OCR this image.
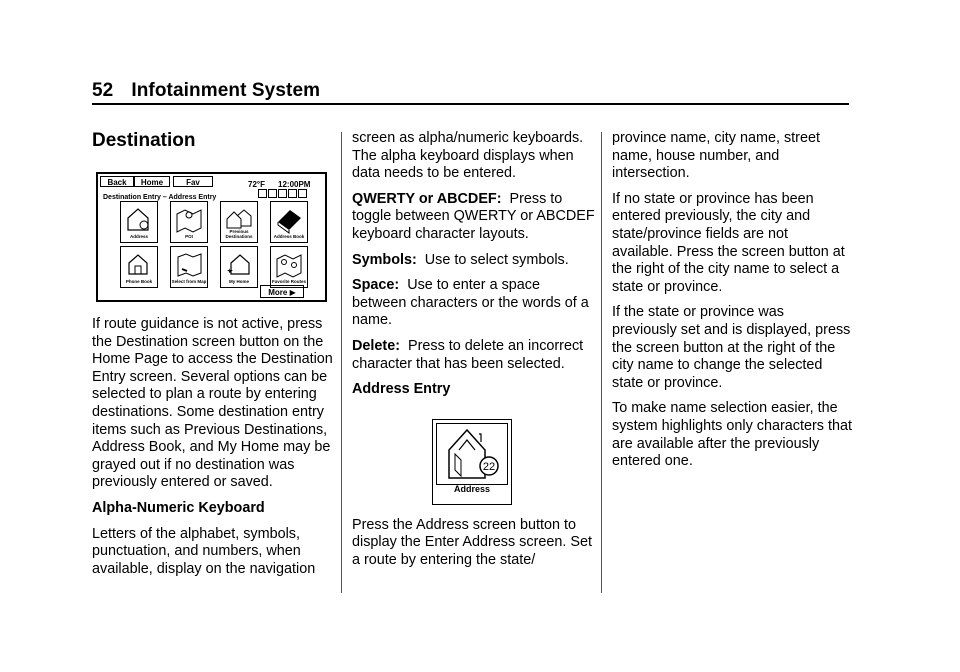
52 Infotainment System
Destination
Back	Home	Fav	72°F 12:00PM
Destination Entry – Address Entry
Address	POI
Previous Destinations	Address Book
Phone Book	Select from Map	My Home	Favorite Routes
More ▶

If route guidance is not active, press the Destination screen button on the Home Page to access the Destination Entry screen. Several options can be selected to plan a route by entering destinations. Some destination entry items such as Previous Destinations, Address Book, and My Home may be grayed out if no destination was previously entered or saved.

Alpha-Numeric Keyboard

Letters of the alphabet, symbols, punctuation, and numbers, when available, display on the navigation

screen as alpha/numeric keyboards. The alpha keyboard displays when data needs to be entered.

QWERTY or ABCDEF: Press to toggle between QWERTY or ABCDEF keyboard character layouts.

Symbols: Use to select symbols.

Space: Use to enter a space between characters or the words of a name.

Delete: Press to delete an incorrect character that has been selected.

Address Entry

22
Address

Press the Address screen button to display the Enter Address screen. Set a route by entering the state/

province name, city name, street name, house number, and intersection.

If no state or province has been entered previously, the city and state/province fields are not available. Press the screen button at the right of the city name to select a state or province.

If the state or province was previously set and is displayed, press the screen button at the right of the city name to change the selected state or province.

To make name selection easier, the system highlights only characters that are available after the previously entered one.
